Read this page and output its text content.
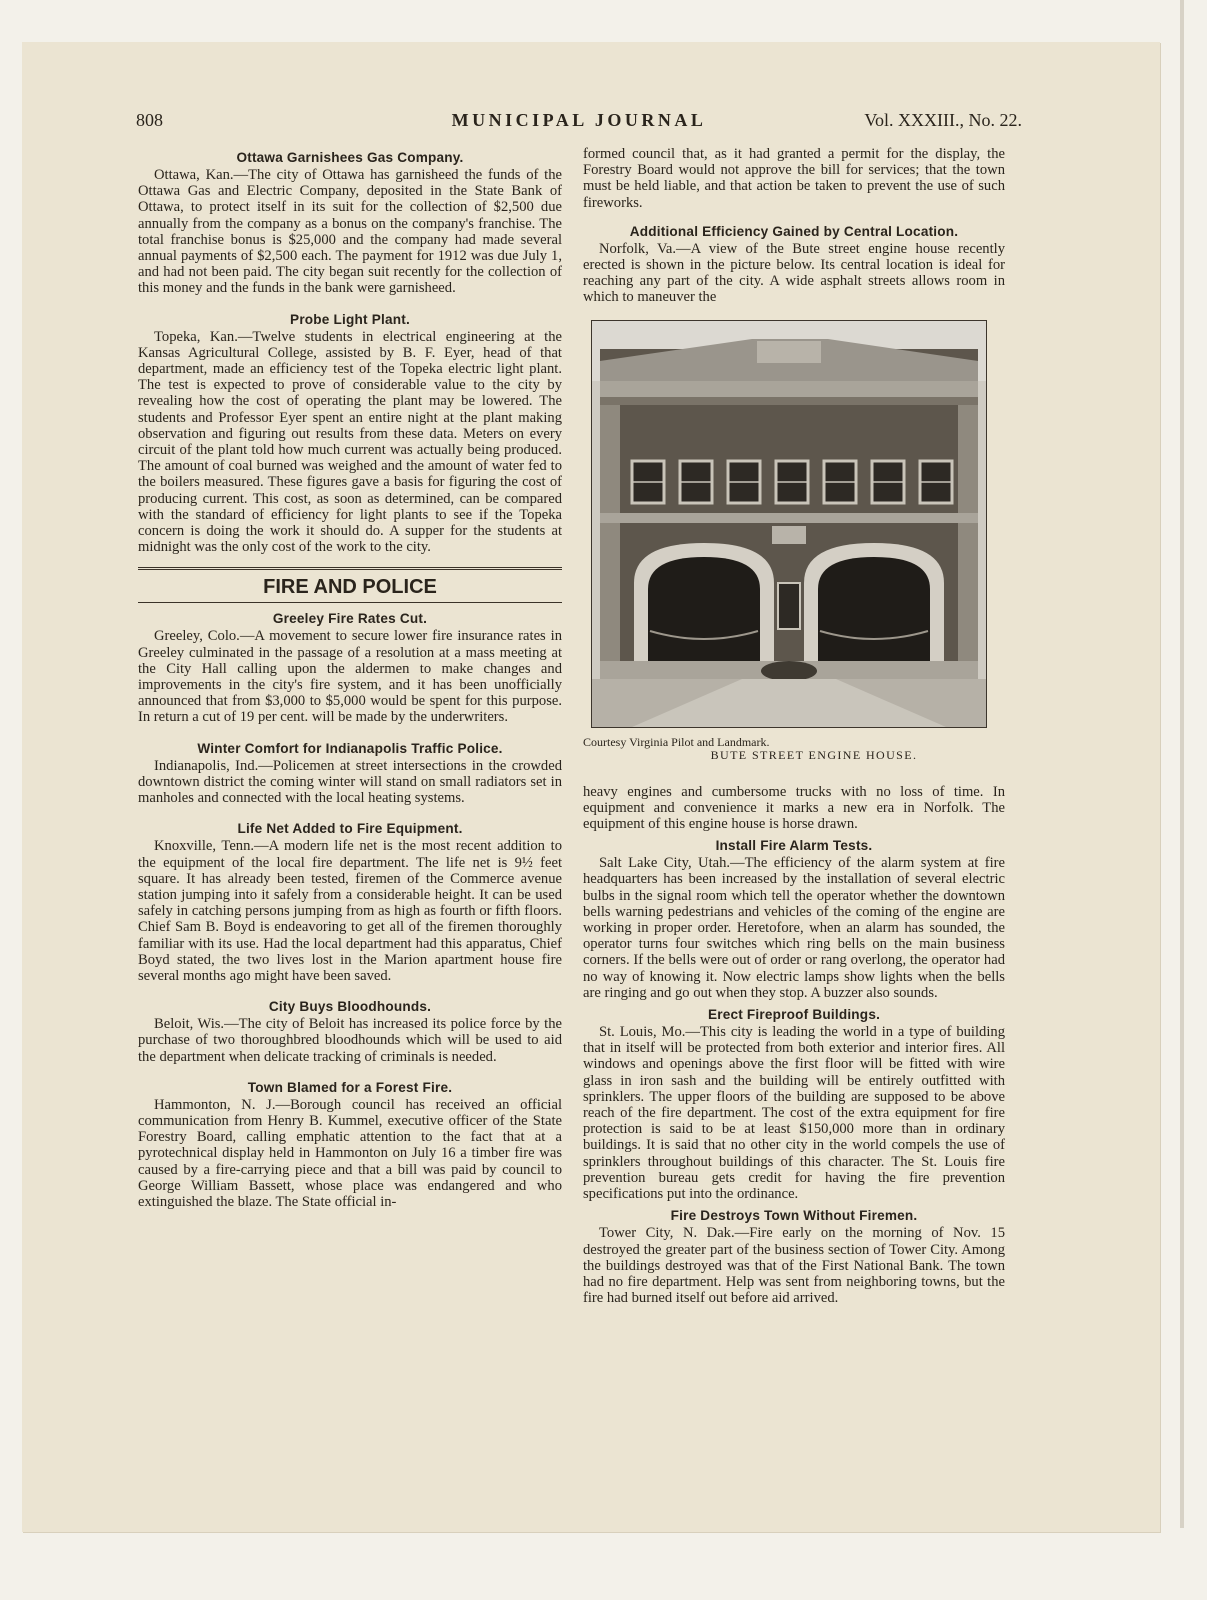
808	MUNICIPAL JOURNAL	Vol. XXXIII., No. 22.
Ottawa Garnishees Gas Company.

Ottawa, Kan.—The city of Ottawa has garnisheed the funds of the Ottawa Gas and Electric Company, deposited in the State Bank of Ottawa, to protect itself in its suit for the collection of $2,500 due annually from the company as a bonus on the company's franchise. The total franchise bonus is $25,000 and the company had made several annual payments of $2,500 each. The payment for 1912 was due July 1, and had not been paid. The city began suit recently for the collection of this money and the funds in the bank were garnisheed.

Probe Light Plant.

Topeka, Kan.—Twelve students in electrical engineering at the Kansas Agricultural College, assisted by B. F. Eyer, head of that department, made an efficiency test of the Topeka electric light plant. The test is expected to prove of considerable value to the city by revealing how the cost of operating the plant may be lowered. The students and Professor Eyer spent an entire night at the plant making observation and figuring out results from these data. Meters on every circuit of the plant told how much current was actually being produced. The amount of coal burned was weighed and the amount of water fed to the boilers measured. These figures gave a basis for figuring the cost of producing current. This cost, as soon as determined, can be compared with the standard of efficiency for light plants to see if the Topeka concern is doing the work it should do. A supper for the students at midnight was the only cost of the work to the city.

FIRE AND POLICE
Greeley Fire Rates Cut.

Greeley, Colo.—A movement to secure lower fire insurance rates in Greeley culminated in the passage of a resolution at a mass meeting at the City Hall calling upon the aldermen to make changes and improvements in the city's fire system, and it has been unofficially announced that from $3,000 to $5,000 would be spent for this purpose. In return a cut of 19 per cent. will be made by the underwriters.

Winter Comfort for Indianapolis Traffic Police.

Indianapolis, Ind.—Policemen at street intersections in the crowded downtown district the coming winter will stand on small radiators set in manholes and connected with the local heating systems.

Life Net Added to Fire Equipment.

Knoxville, Tenn.—A modern life net is the most recent addition to the equipment of the local fire department. The life net is 9½ feet square. It has already been tested, firemen of the Commerce avenue station jumping into it safely from a considerable height. It can be used safely in catching persons jumping from as high as fourth or fifth floors. Chief Sam B. Boyd is endeavoring to get all of the firemen thoroughly familiar with its use. Had the local department had this apparatus, Chief Boyd stated, the two lives lost in the Marion apartment house fire several months ago might have been saved.

City Buys Bloodhounds.

Beloit, Wis.—The city of Beloit has increased its police force by the purchase of two thoroughbred bloodhounds which will be used to aid the department when delicate tracking of criminals is needed.

Town Blamed for a Forest Fire.

Hammonton, N. J.—Borough council has received an official communication from Henry B. Kummel, executive officer of the State Forestry Board, calling emphatic attention to the fact that at a pyrotechnical display held in Hammonton on July 16 a timber fire was caused by a fire-carrying piece and that a bill was paid by council to George William Bassett, whose place was endangered and who extinguished the blaze. The State official in-

formed council that, as it had granted a permit for the display, the Forestry Board would not approve the bill for services; that the town must be held liable, and that action be taken to prevent the use of such fireworks.

Additional Efficiency Gained by Central Location.

Norfolk, Va.—A view of the Bute street engine house recently erected is shown in the picture below. Its central location is ideal for reaching any part of the city. A wide asphalt streets allows room in which to maneuver the

Courtesy Virginia Pilot and Landmark.
BUTE STREET ENGINE HOUSE.

heavy engines and cumbersome trucks with no loss of time. In equipment and convenience it marks a new era in Norfolk. The equipment of this engine house is horse drawn.

Install Fire Alarm Tests.

Salt Lake City, Utah.—The efficiency of the alarm system at fire headquarters has been increased by the installation of several electric bulbs in the signal room which tell the operator whether the downtown bells warning pedestrians and vehicles of the coming of the engine are working in proper order. Heretofore, when an alarm has sounded, the operator turns four switches which ring bells on the main business corners. If the bells were out of order or rang overlong, the operator had no way of knowing it. Now electric lamps show lights when the bells are ringing and go out when they stop. A buzzer also sounds.

Erect Fireproof Buildings.

St. Louis, Mo.—This city is leading the world in a type of building that in itself will be protected from both exterior and interior fires. All windows and openings above the first floor will be fitted with wire glass in iron sash and the building will be entirely outfitted with sprinklers. The upper floors of the building are supposed to be above reach of the fire department. The cost of the extra equipment for fire protection is said to be at least $150,000 more than in ordinary buildings. It is said that no other city in the world compels the use of sprinklers throughout buildings of this character. The St. Louis fire prevention bureau gets credit for having the fire prevention specifications put into the ordinance.

Fire Destroys Town Without Firemen.

Tower City, N. Dak.—Fire early on the morning of Nov. 15 destroyed the greater part of the business section of Tower City. Among the buildings destroyed was that of the First National Bank. The town had no fire department. Help was sent from neighboring towns, but the fire had burned itself out before aid arrived.
